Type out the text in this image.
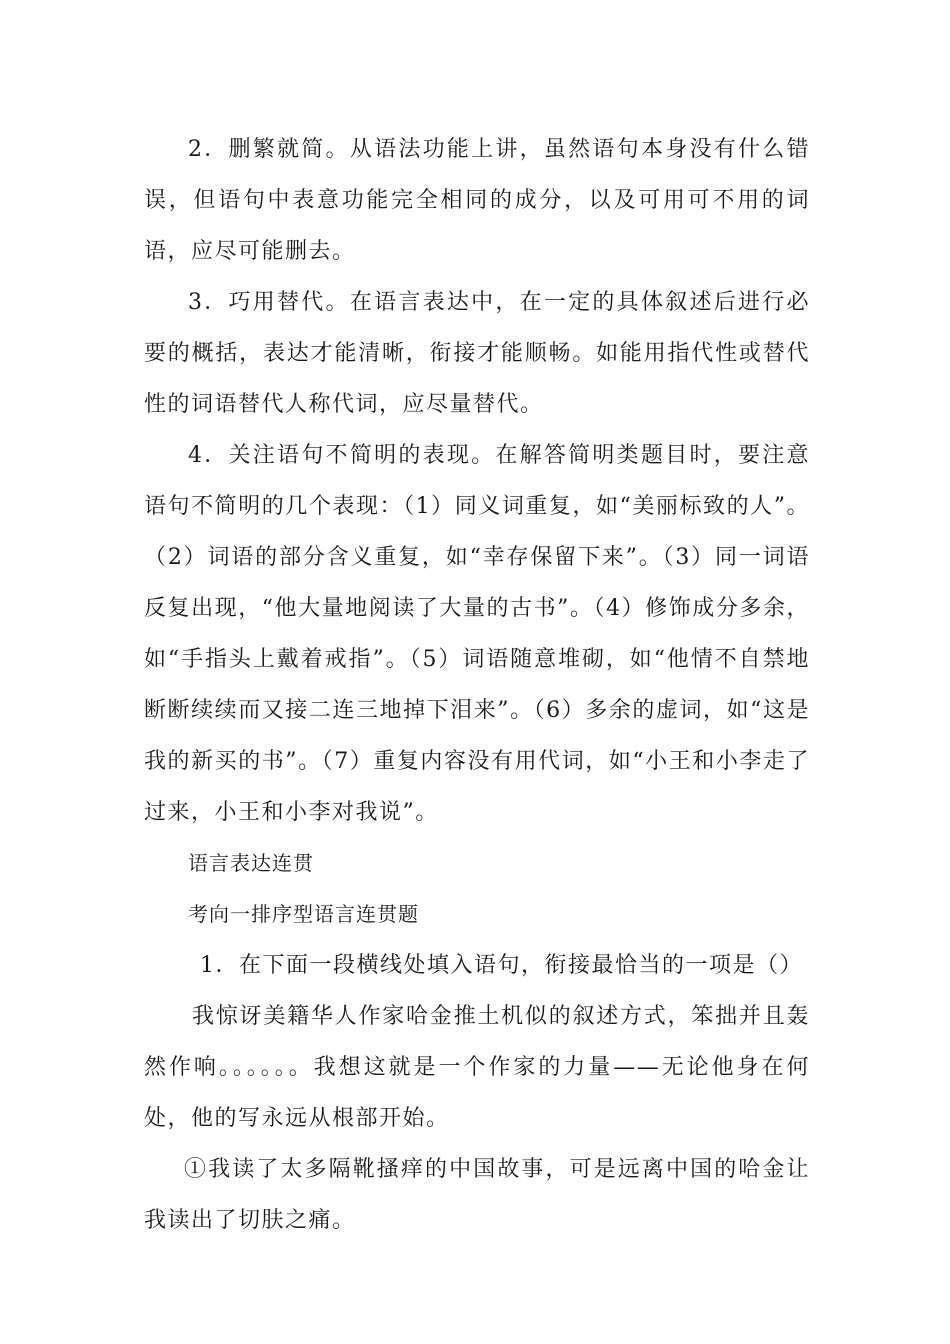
2．删繁就简。从语法功能上讲，虽然语句本身没有什么错误，但语句中表意功能完全相同的成分，以及可用可不用的词语，应尽可能删去。

3．巧用替代。在语言表达中，在一定的具体叙述后进行必要的概括，表达才能清晰，衔接才能顺畅。如能用指代性或替代性的词语替代人称代词，应尽量替代。

4．关注语句不简明的表现。在解答简明类题目时，要注意语句不简明的几个表现：（1）同义词重复，如“美丽标致的人”。（2）词语的部分含义重复，如“幸存保留下来”。（3）同一词语反复出现，“他大量地阅读了大量的古书”。（4）修饰成分多余，如“手指头上戴着戒指”。（5）词语随意堆砌，如“他情不自禁地断断续续而又接二连三地掉下泪来”。（6）多余的虚词，如“这是我的新买的书”。（7）重复内容没有用代词，如“小王和小李走了过来，小王和小李对我说”。

语言表达连贯

考向一排序型语言连贯题

1．在下面一段横线处填入语句，衔接最恰当的一项是（）

我惊讶美籍华人作家哈金推土机似的叙述方式，笨拙并且轰然作响。。。。。。我想这就是一个作家的力量——无论他身在何处，他的写永远从根部开始。

①我读了太多隔靴搔痒的中国故事，可是远离中国的哈金让我读出了切肤之痛。
